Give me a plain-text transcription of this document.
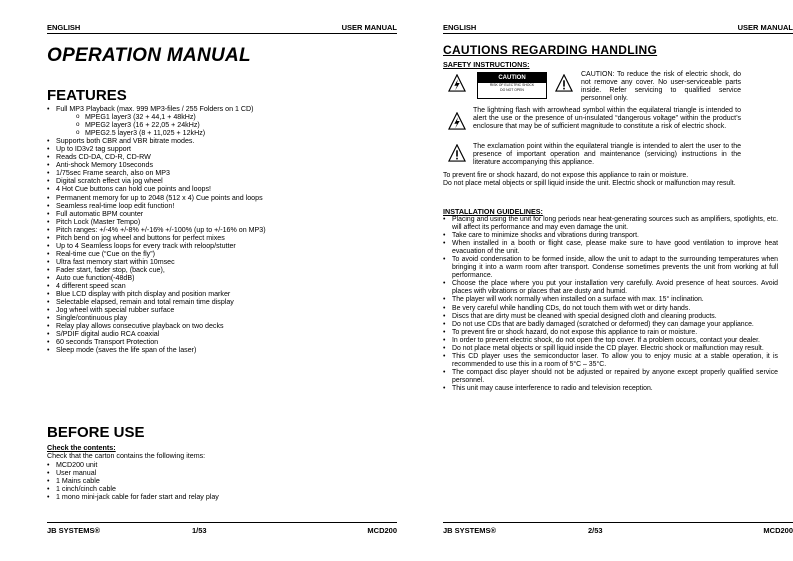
ENGLISH	USER MANUAL
OPERATION MANUAL
FEATURES
• Full MP3 Playback (max. 999 MP3-files / 255 Folders on 1 CD)
o MPEG1 layer3 (32 + 44,1 + 48kHz)
o MPEG2 layer3 (16 + 22,05 + 24kHz)
o MPEG2.5 layer3 (8 + 11,025 + 12kHz)
• Supports both CBR and VBR bitrate modes.
• Up to ID3v2 tag support
• Reads CD-DA, CD-R, CD-RW
• Anti-shock Memory 10seconds
• 1/75sec Frame search, also on MP3
• Digital scratch effect via jog wheel
• 4 Hot Cue buttons can hold cue points and loops!
• Permanent memory for up to 2048 (512 x 4) Cue points and loops
• Seamless real-time loop edit function!
• Full automatic BPM counter
• Pitch Lock (Master Tempo)
• Pitch ranges: +/-4% +/-8% +/-16% +/-100% (up to +/-16% on MP3)
• Pitch bend on jog wheel and buttons for perfect mixes
• Up to 4 Seamless loops for every track with reloop/stutter
• Real-time cue (“Cue on the fly”)
• Ultra fast memory start within 10msec
• Fader start, fader stop, (back cue),
• Auto cue function(-48dB)
• 4 different speed scan
• Blue LCD display with pitch display and position marker
• Selectable elapsed, remain and total remain time display
• Jog wheel with special rubber surface
• Single/continuous play
• Relay play allows consecutive playback on two decks
• S/PDIF digital audio RCA coaxial
• 60 seconds Transport Protection
• Sleep mode (saves the life span of the laser)
BEFORE USE
Check the contents:
Check that the carton contains the following items:
• MCD200 unit
• User manual
• 1 Mains cable
• 1 cinch/cinch cable
• 1 mono mini-jack cable for fader start and relay play
JB SYSTEMS®	1/53	MCD200
ENGLISH	USER MANUAL
CAUTIONS REGARDING HANDLING
SAFETY INSTRUCTIONS:
CAUTION
RISK OF ELECTRIC SHOCK
DO NOT OPEN
CAUTION: To reduce the risk of electric shock, do not remove any cover. No user-serviceable parts inside. Refer servicing to qualified service personnel only.
The lightning flash with arrowhead symbol within the equilateral triangle is intended to alert the use or the presence of un-insulated “dangerous voltage” within the product’s enclosure that may be of sufficient magnitude to constitute a risk of electric shock.
The exclamation point within the equilateral triangle is intended to alert the user to the presence of important operation and maintenance (servicing) instructions in the literature accompanying this appliance.
To prevent fire or shock hazard, do not expose this appliance to rain or moisture.
Do not place metal objects or spill liquid inside the unit. Electric shock or malfunction may result.
INSTALLATION GUIDELINES:
• Placing and using the unit for long periods near heat-generating sources such as amplifiers, spotlights, etc. will affect its performance and may even damage the unit.
• Take care to minimize shocks and vibrations during transport.
• When installed in a booth or flight case, please make sure to have good ventilation to improve heat evacuation of the unit.
• To avoid condensation to be formed inside, allow the unit to adapt to the surrounding temperatures when bringing it into a warm room after transport. Condense sometimes prevents the unit from working at full performance.
• Choose the place where you put your installation very carefully. Avoid presence of heat sources. Avoid places with vibrations or places that are dusty and humid.
• The player will work normally when installed on a surface with max. 15° inclination.
• Be very careful while handling CDs, do not touch them with wet or dirty hands.
• Discs that are dirty must be cleaned with special designed cloth and cleaning products.
• Do not use CDs that are badly damaged (scratched or deformed) they can damage your appliance.
• To prevent fire or shock hazard, do not expose this appliance to rain or moisture.
• In order to prevent electric shock, do not open the top cover. If a problem occurs, contact your dealer.
• Do not place metal objects or spill liquid inside the CD player. Electric shock or malfunction may result.
• This CD player uses the semiconductor laser. To allow you to enjoy music at a stable operation, it is recommended to use this in a room of 5°C – 35°C.
• The compact disc player should not be adjusted or repaired by anyone except properly qualified service personnel.
• This unit may cause interference to radio and television reception.
JB SYSTEMS®	2/53	MCD200
